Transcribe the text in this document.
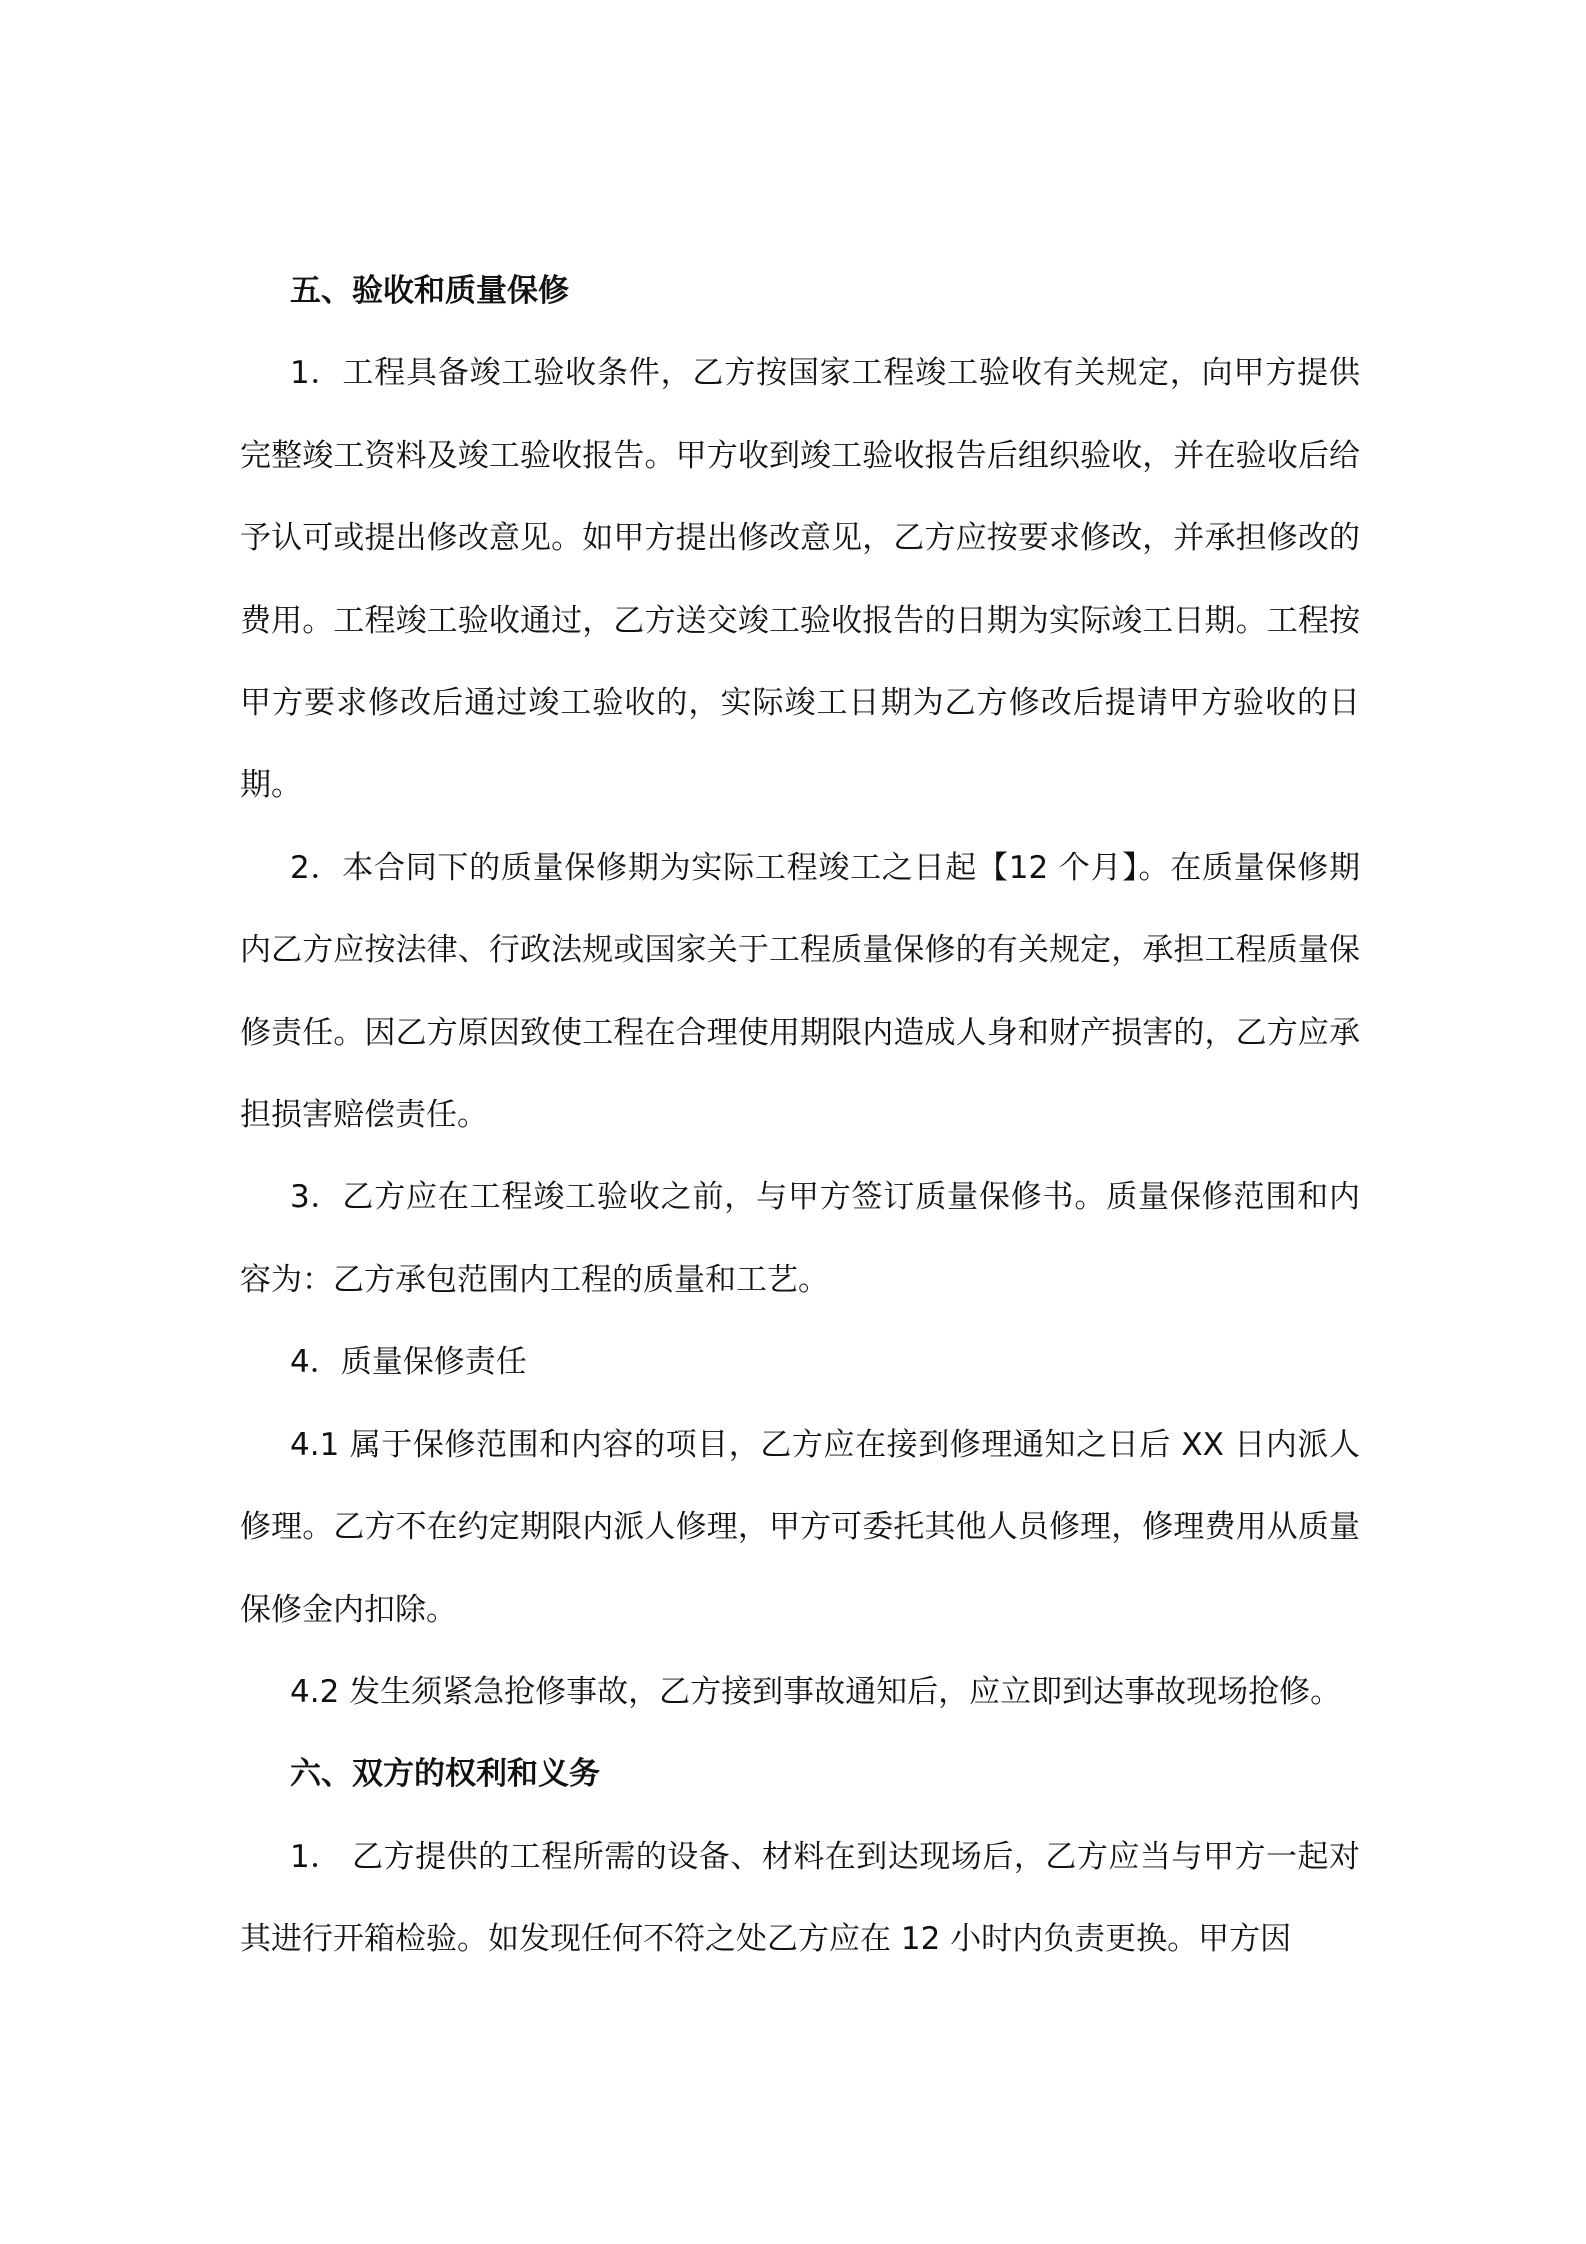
五、验收和质量保修

1．工程具备竣工验收条件，乙方按国家工程竣工验收有关规定，向甲方提供完整竣工资料及竣工验收报告。甲方收到竣工验收报告后组织验收，并在验收后给予认可或提出修改意见。如甲方提出修改意见，乙方应按要求修改，并承担修改的费用。工程竣工验收通过，乙方送交竣工验收报告的日期为实际竣工日期。工程按甲方要求修改后通过竣工验收的，实际竣工日期为乙方修改后提请甲方验收的日期。

2．本合同下的质量保修期为实际工程竣工之日起【12 个月】。在质量保修期内乙方应按法律、行政法规或国家关于工程质量保修的有关规定，承担工程质量保修责任。因乙方原因致使工程在合理使用期限内造成人身和财产损害的，乙方应承担损害赔偿责任。

3．乙方应在工程竣工验收之前，与甲方签订质量保修书。质量保修范围和内容为：乙方承包范围内工程的质量和工艺。

4．质量保修责任

4.1 属于保修范围和内容的项目，乙方应在接到修理通知之日后 XX 日内派人修理。乙方不在约定期限内派人修理，甲方可委托其他人员修理，修理费用从质量保修金内扣除。

4.2 发生须紧急抢修事故，乙方接到事故通知后，应立即到达事故现场抢修。

六、双方的权利和义务

1． 乙方提供的工程所需的设备、材料在到达现场后，乙方应当与甲方一起对其进行开箱检验。如发现任何不符之处乙方应在 12 小时内负责更换。甲方因
